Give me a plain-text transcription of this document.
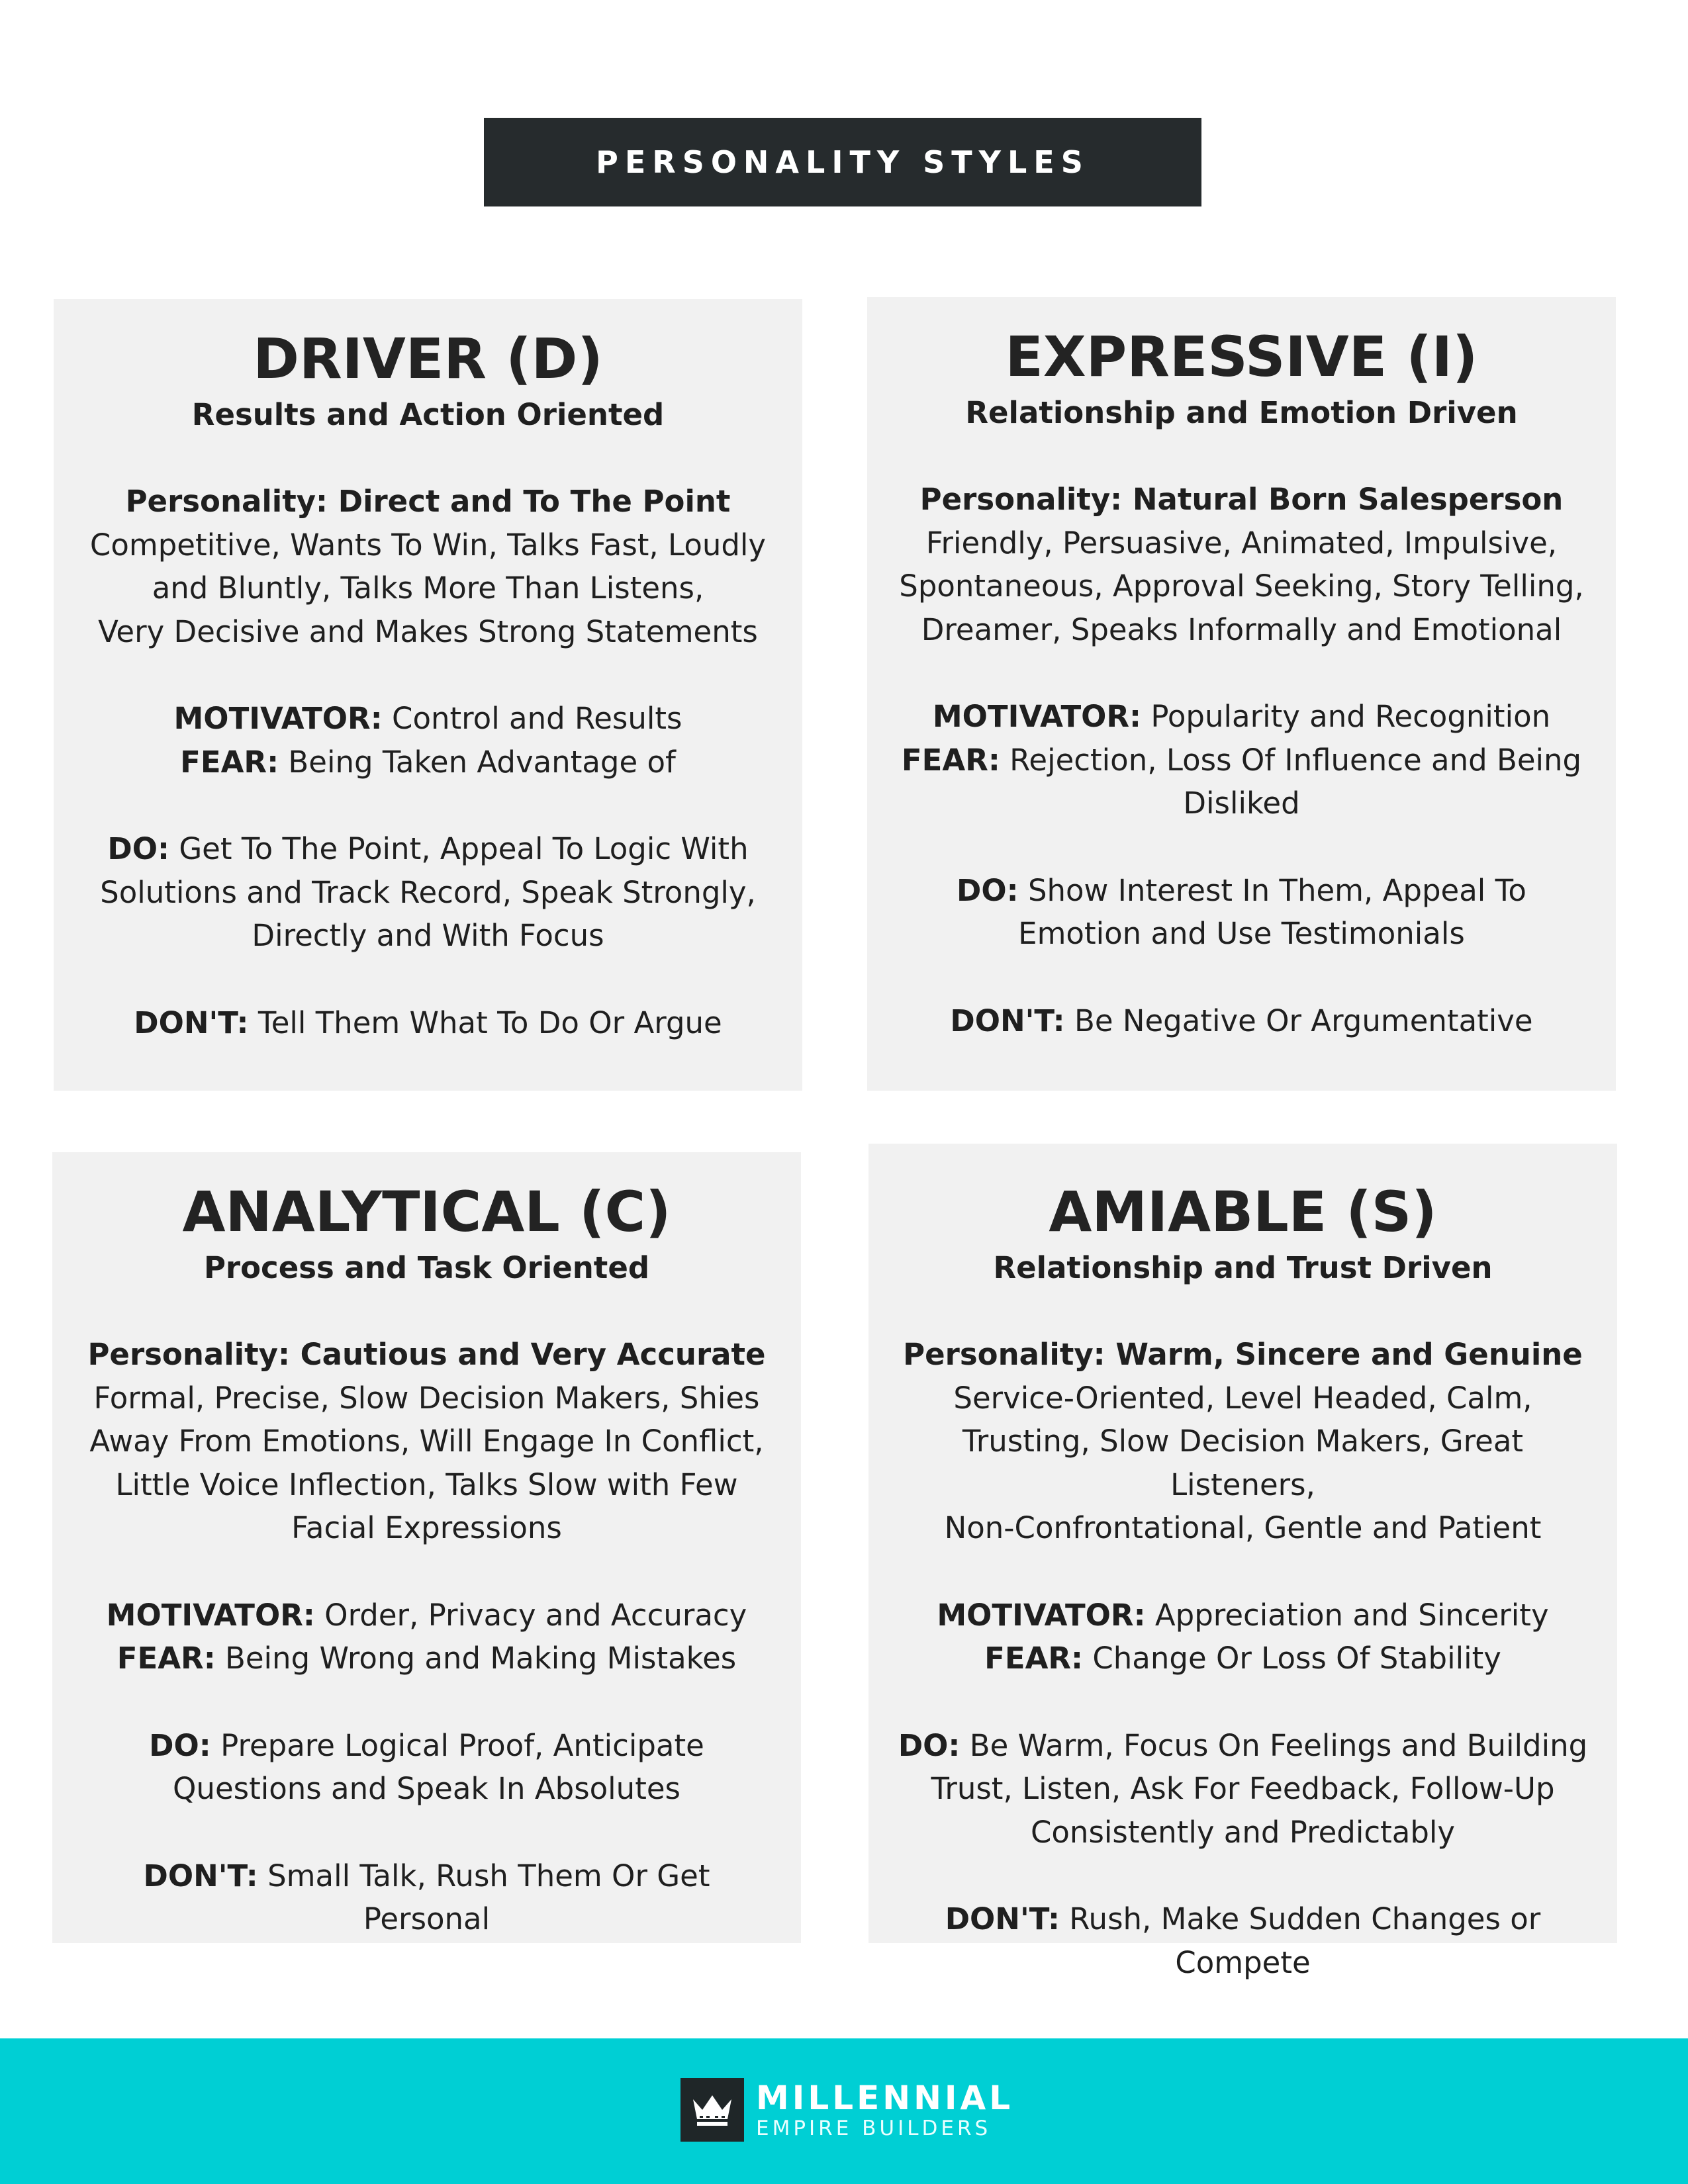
PERSONALITY STYLES
DRIVER (D)

Results and Action Oriented

Personality: Direct and To The Point
Competitive, Wants To Win, Talks Fast, Loudly
and Bluntly, Talks More Than Listens,
Very Decisive and Makes Strong Statements
MOTIVATOR: Control and Results
FEAR: Being Taken Advantage of
DO: Get To The Point, Appeal To Logic With
Solutions and Track Record, Speak Strongly,
Directly and With Focus
DON'T: Tell Them What To Do Or Argue
EXPRESSIVE (I)

Relationship and Emotion Driven

Personality: Natural Born Salesperson
Friendly, Persuasive, Animated, Impulsive,
Spontaneous, Approval Seeking, Story Telling,
Dreamer, Speaks Informally and Emotional
MOTIVATOR: Popularity and Recognition
FEAR: Rejection, Loss Of Influence and Being
Disliked
DO: Show Interest In Them, Appeal To
Emotion and Use Testimonials
DON'T: Be Negative Or Argumentative
ANALYTICAL (C)

Process and Task Oriented

Personality: Cautious and Very Accurate
Formal, Precise, Slow Decision Makers, Shies
Away From Emotions, Will Engage In Conflict,
Little Voice Inflection, Talks Slow with Few
Facial Expressions
MOTIVATOR: Order, Privacy and Accuracy
FEAR: Being Wrong and Making Mistakes
DO: Prepare Logical Proof, Anticipate
Questions and Speak In Absolutes
DON'T: Small Talk, Rush Them Or Get
Personal
AMIABLE (S)

Relationship and Trust Driven

Personality: Warm, Sincere and Genuine
Service-Oriented, Level Headed, Calm,
Trusting, Slow Decision Makers, Great Listeners,
Non-Confrontational, Gentle and Patient
MOTIVATOR: Appreciation and Sincerity
FEAR: Change Or Loss Of Stability
DO: Be Warm, Focus On Feelings and Building
Trust, Listen, Ask For Feedback, Follow-Up
Consistently and Predictably
DON'T: Rush, Make Sudden Changes or
Compete
MILLENNIAL
EMPIRE BUILDERS
